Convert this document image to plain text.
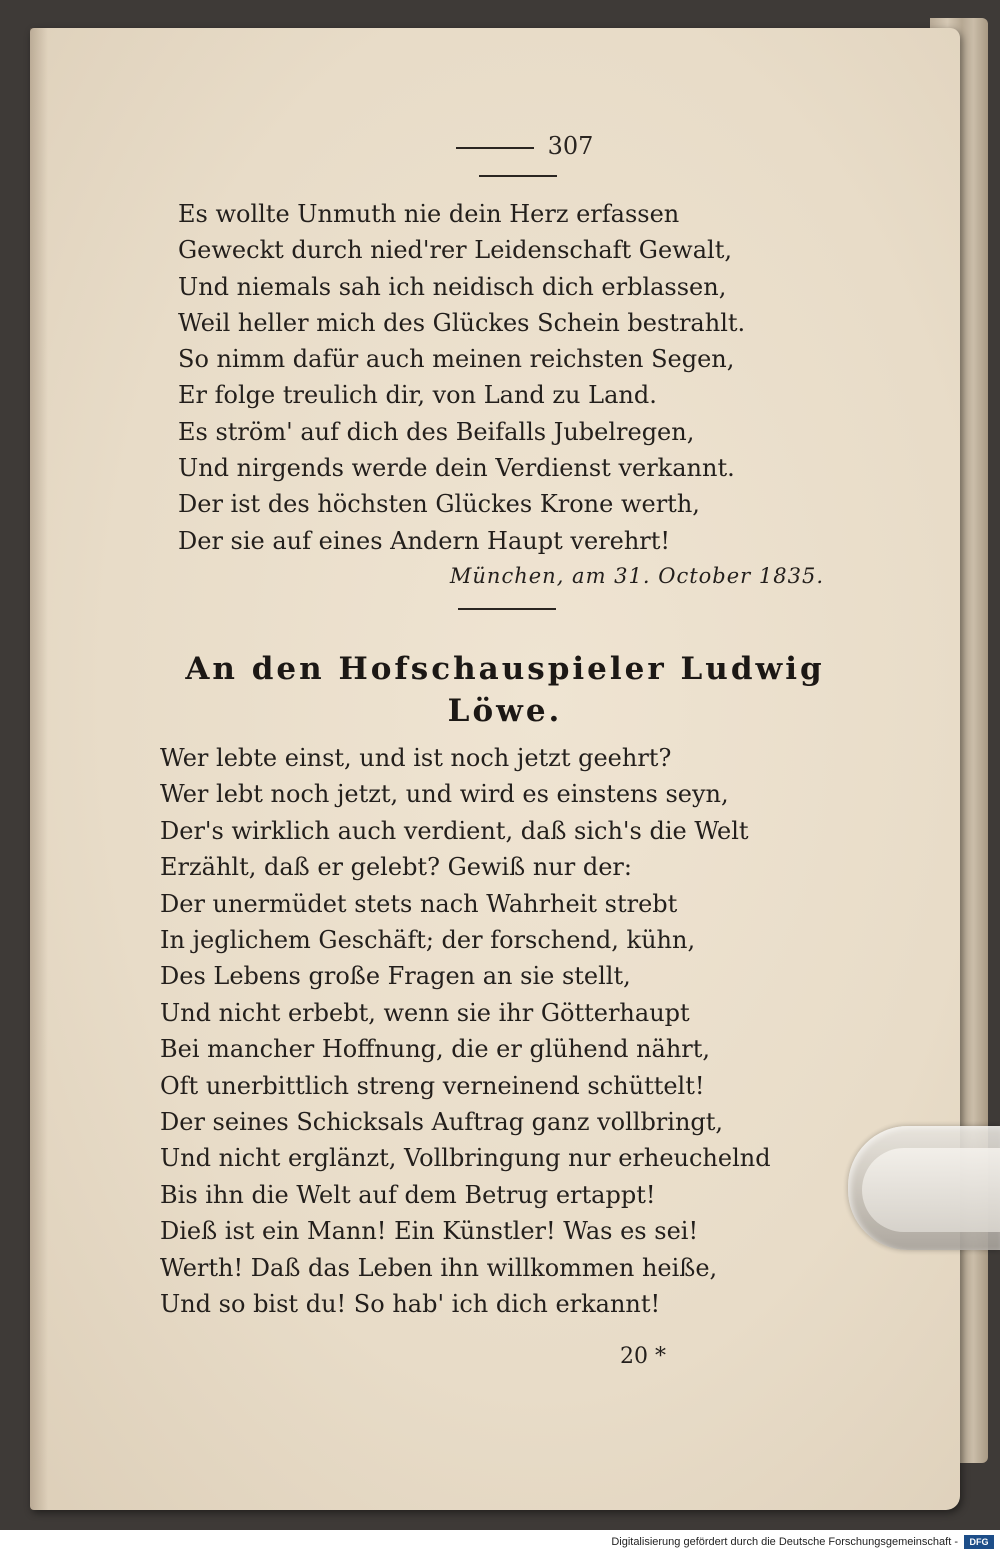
307
Es wollte Unmuth nie dein Herz erfassen
Geweckt durch nied'rer Leidenschaft Gewalt,
Und niemals sah ich neidisch dich erblassen,
Weil heller mich des Glückes Schein bestrahlt.
So nimm dafür auch meinen reichsten Segen,
Er folge treulich dir, von Land zu Land.
Es ström' auf dich des Beifalls Jubelregen,
Und nirgends werde dein Verdienst verkannt.
Der ist des höchsten Glückes Krone werth,
Der sie auf eines Andern Haupt verehrt!
München, am 31. October 1835.
An den Hofschauspieler Ludwig
Löwe.
Wer lebte einst, und ist noch jetzt geehrt?
Wer lebt noch jetzt, und wird es einstens seyn,
Der's wirklich auch verdient, daß sich's die Welt
Erzählt, daß er gelebt? Gewiß nur der:
Der unermüdet stets nach Wahrheit strebt
In jeglichem Geschäft; der forschend, kühn,
Des Lebens große Fragen an sie stellt,
Und nicht erbebt, wenn sie ihr Götterhaupt
Bei mancher Hoffnung, die er glühend nährt,
Oft unerbittlich streng verneinend schüttelt!
Der seines Schicksals Auftrag ganz vollbringt,
Und nicht erglänzt, Vollbringung nur erheuchelnd
Bis ihn die Welt auf dem Betrug ertappt!
Dieß ist ein Mann! Ein Künstler! Was es sei!
Werth! Daß das Leben ihn willkommen heiße,
Und so bist du! So hab' ich dich erkannt!
20 *
Digitalisierung gefördert durch die Deutsche Forschungsgemeinschaft -	DFG
